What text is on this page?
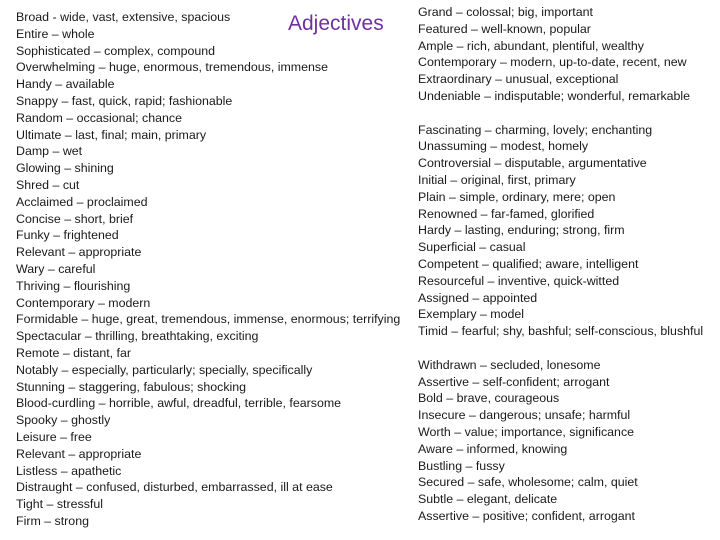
Adjectives
Broad - wide, vast, extensive, spacious
Entire – whole
Sophisticated – complex, compound
Overwhelming – huge, enormous, tremendous, immense
Handy – available
Snappy – fast, quick, rapid; fashionable
Random – occasional; chance
Ultimate – last, final; main, primary
Damp – wet
Glowing – shining
Shred – cut
Acclaimed – proclaimed
Concise – short, brief
Funky – frightened
Relevant – appropriate
Wary – careful
Thriving – flourishing
Contemporary – modern
Formidable – huge, great, tremendous, immense, enormous; terrifying
Spectacular – thrilling, breathtaking, exciting
Remote – distant, far
Notably – especially, particularly; specially, specifically
Stunning – staggering, fabulous; shocking
Blood-curdling – horrible, awful, dreadful, terrible, fearsome
Spooky – ghostly
Leisure – free
Relevant – appropriate
Listless – apathetic
Distraught – confused, disturbed, embarrassed, ill at ease
Tight – stressful
Firm – strong
Grand – colossal; big, important
Featured – well-known, popular
Ample – rich, abundant, plentiful, wealthy
Contemporary – modern, up-to-date, recent, new
Extraordinary – unusual, exceptional
Undeniable – indisputable; wonderful, remarkable
Fascinating – charming, lovely; enchanting
Unassuming – modest, homely
Controversial – disputable, argumentative
Initial – original, first, primary
Plain – simple, ordinary, mere; open
Renowned – far-famed, glorified
Hardy – lasting, enduring; strong, firm
Superficial – casual
Competent – qualified; aware, intelligent
Resourceful – inventive, quick-witted
Assigned – appointed
Exemplary – model
Timid – fearful; shy, bashful; self-conscious, blushful
Withdrawn – secluded, lonesome
Assertive – self-confident; arrogant
Bold – brave, courageous
Insecure – dangerous; unsafe; harmful
Worth – value; importance, significance
Aware – informed, knowing
Bustling – fussy
Secured – safe, wholesome; calm, quiet
Subtle – elegant, delicate
Assertive – positive; confident, arrogant
